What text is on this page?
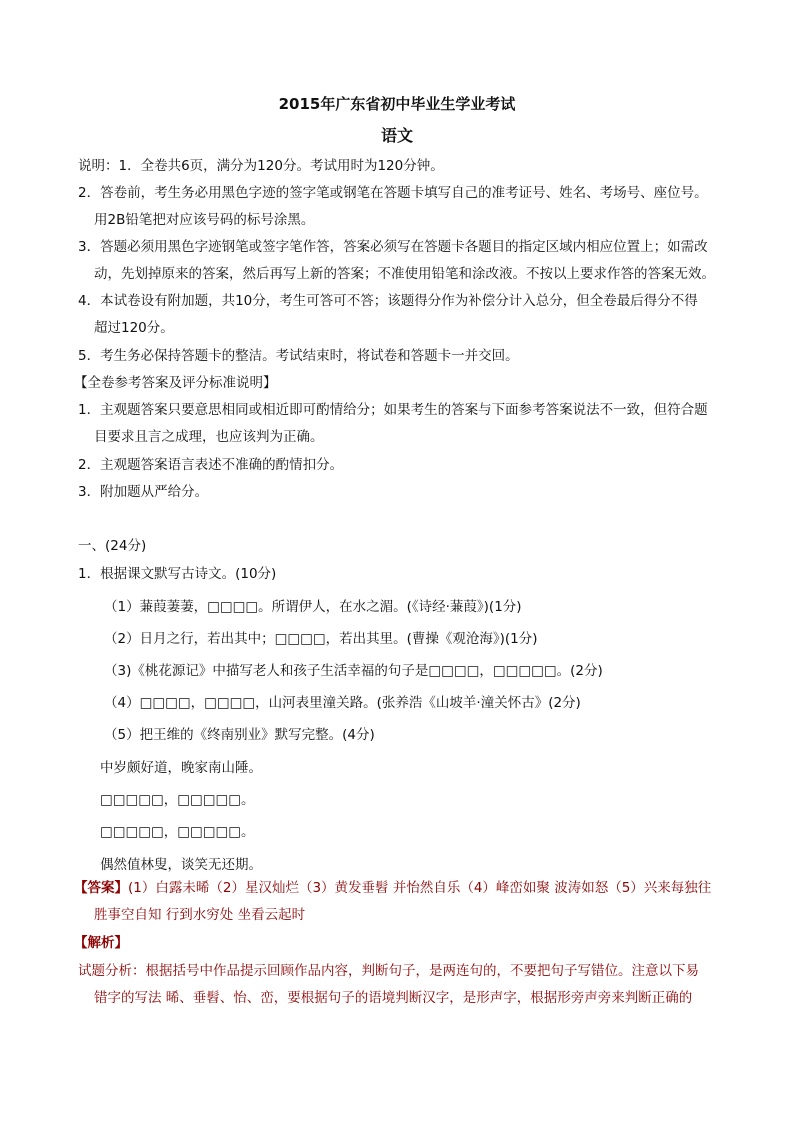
2015年广东省初中毕业生学业考试
语文
说明：1．全卷共6页，满分为120分。考试用时为120分钟。
2．答卷前，考生务必用黑色字迹的签字笔或钢笔在答题卡填写自己的准考证号、姓名、考场号、座位号。
用2B铅笔把对应该号码的标号涂黑。
3．答题必须用黑色字迹钢笔或签字笔作答，答案必须写在答题卡各题目的指定区域内相应位置上；如需改
动，先划掉原来的答案，然后再写上新的答案；不准使用铅笔和涂改液。不按以上要求作答的答案无效。
4．本试卷设有附加题，共10分，考生可答可不答；该题得分作为补偿分计入总分，但全卷最后得分不得
超过120分。
5．考生务必保持答题卡的整洁。考试结束时，将试卷和答题卡一并交回。
【全卷参考答案及评分标准说明】
1．主观题答案只要意思相同或相近即可酌情给分；如果考生的答案与下面参考答案说法不一致，但符合题
目要求且言之成理，也应该判为正确。
2．主观题答案语言表述不准确的酌情扣分。
3．附加题从严给分。
一、(24分)
1．根据课文默写古诗文。(10分)
（1）蒹葭萋萋，□□□□。所谓伊人，在水之湄。(《诗经·蒹葭》)(1分)
（2）日月之行，若出其中；□□□□，若出其里。(曹操《观沧海》)(1分)
（3)《桃花源记》中描写老人和孩子生活幸福的句子是□□□□，□□□□□。(2分)
（4）□□□□，□□□□，山河表里潼关路。(张养浩《山坡羊·潼关怀古》(2分)
（5）把王维的《终南别业》默写完整。(4分)
中岁颇好道，晚家南山陲。
□□□□□，□□□□□。
□□□□□，□□□□□。
偶然值林叟，谈笑无还期。
【答案】(1）白露未晞（2）星汉灿烂（3）黄发垂髫 并怡然自乐（4）峰峦如聚 波涛如怒（5）兴来每独往
胜事空自知 行到水穷处 坐看云起时
【解析】
试题分析：根据括号中作品提示回顾作品内容，判断句子，是两连句的，不要把句子写错位。注意以下易
错字的写法 晞、垂髫、怡、峦，要根据句子的语境判断汉字，是形声字，根据形旁声旁来判断正确的
